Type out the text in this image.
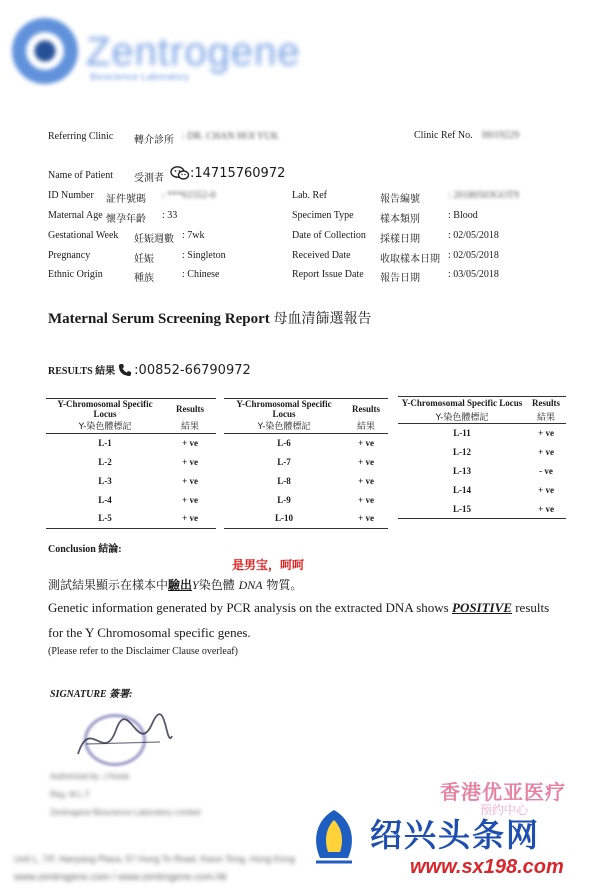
Zentrogene
Bioscience Laboratory
Referring Clinic 轉介診所 : DR. CHAN HOI YUK	Clinic Ref No. H019229
Name of Patient 受測者 :14715760972
ID Number 証件號碼 : ***61552-0
Maternal Age 懷孕年齡 : 33
Gestational Week 妊娠週數 : 7wk
Pregnancy	妊娠	: Singleton
Ethnic Origin	種族	: Chinese
Lab. Ref	報告編號	: 20180503GOT9
Specimen Type	樣本類別	: Blood
Date of Collection 採樣日期	: 02/05/2018
Received Date	收取樣本日期 : 02/05/2018
Report Issue Date 報告日期	: 03/05/2018
Maternal Serum Screening Report 母血清篩選報告
RESULTS 結果 :00852-66790972
Y-Chromosomal Specific Locus	Results
Y-染色體標記	結果
L-1	+ ve
L-2	+ ve
L-3	+ ve
L-4	+ ve
L-5	+ ve
Y-Chromosomal Specific Locus	Results
Y-染色體標記	結果
L-6	+ ve
L-7	+ ve
L-8	+ ve
L-9	+ ve
L-10	+ ve
Y-Chromosomal Specific Locus	Results
Y-染色體標記	結果
L-11	+ ve
L-12	+ ve
L-13	- ve
L-14	+ ve
L-15	+ ve
Conclusion 結論:
是男宝，呵呵
測試結果顯示在樣本中驗出Y染色體 DNA 物質。
Genetic information generated by PCR analysis on the extracted DNA shows POSITIVE results
for the Y Chromosomal specific genes.
(Please refer to the Disclaimer Clause overleaf)
SIGNATURE 簽署:
Authorized by: J Kwok
Reg. M.L.T.
Zentrogene Bioscience Laboratory Limited
Unit L, 7/F, Nanyang Plaza, 57 Hung To Road, Kwun Tong, Hong Kong
www.zentrogene.com / www.zentrogene.com.hk
香港优亚医疗
预约中心
绍兴头条网
www.sx198.com
